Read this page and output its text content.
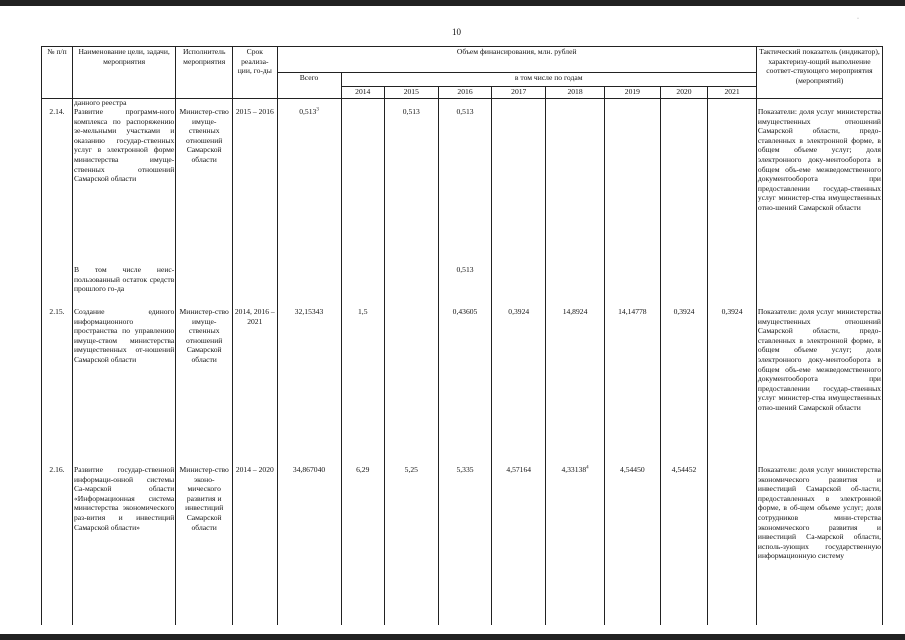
10
·
№ п/п	Наименование цели, задачи, мероприятия	Исполнитель мероприятия	Срок реализа-ции, го-ды	Объем финансирования, млн. рублей									Тактический показатель (индикатор), характеризу-ющий выполнение соответ-ствующего мероприятия (мероприятий)
				Всего	в том числе по годам								
					2014	2015	2016	2017	2018	2019	2020	2021	
	данного реестра												
2.14.	Развитие программ-ного комплекса по распоряжению зе-мельными участками и оказанию государ-ственных услуг в электронной форме министерства имуще-ственных отношений Самарской области	Министер-ство имуще-ственных отношений Самарской области	2015 – 2016	0,513$^3$		0,513	0,513						Показатели: доля услуг министерства имущественных отношений Самарской области, предо-ставленных в электронной форме, в общем объеме услуг; доля электронного доку-ментооборота в общем объ-еме межведомственного документооборота при предоставлении государ-ственных услуг министер-ства имущественных отно-шений Самарской области
	В том числе неис-пользованный остаток средств прошлого го-да						0,513						
2.15.	Создание единого информационного пространства по управлению имуще-ством министерства имущественных от-ношений Самарской области	Министер-ство имуще-ственных отношений Самарской области	2014, 2016 – 2021	32,15343	1,5		0,43605	0,3924	14,8924	14,14778	0,3924	0,3924	Показатели: доля услуг министерства имущественных отношений Самарской области, предо-ставленных в электронной форме, в общем объеме услуг; доля электронного доку-ментооборота в общем объ-еме межведомственного документооборота при предоставлении государ-ственных услуг министер-ства имущественных отно-шений Самарской области
2.16.	Развитие государ-ственной информаци-онной системы Са-марской области «Информационная система министерства экономического раз-вития и инвестиций Самарской области»	Министер-ство эконо-мического развития и инвестиций Самарской области	2014 – 2020	34,867040	6,29	5,25	5,335	4,57164	4,33138$^4$	4,54450	4,54452		Показатели: доля услуг министерства экономического развития и инвестиций Самарской об-ласти, предоставленных в электронной форме, в об-щем объеме услуг; доля сотрудников мини-стерства экономического развития и инвестиций Са-марской области, исполь-зующих государственную информационную систему
